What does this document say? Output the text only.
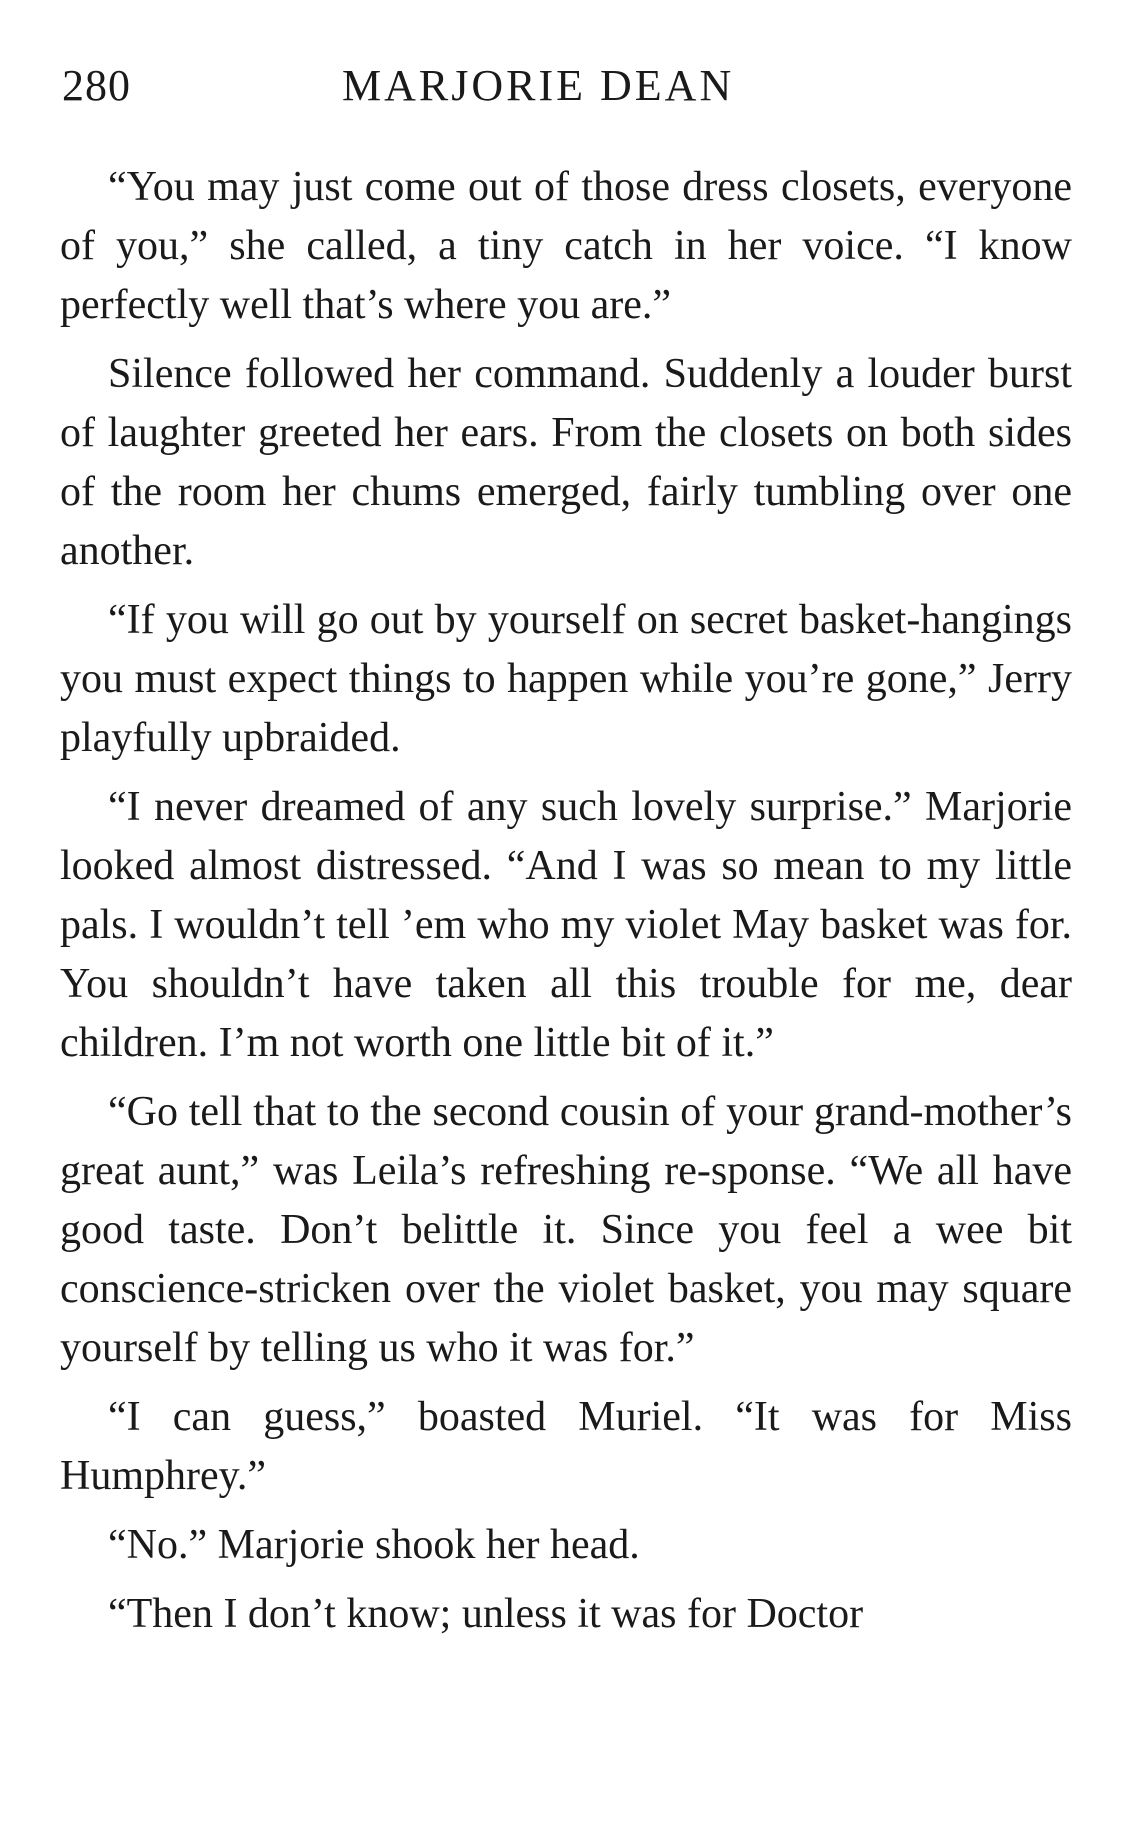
280	MARJORIE DEAN

“You may just come out of those dress closets, everyone of you,” she called, a tiny catch in her voice. “I know perfectly well that’s where you are.”

Silence followed her command. Suddenly a louder burst of laughter greeted her ears. From the closets on both sides of the room her chums emerged, fairly tumbling over one another.

“If you will go out by yourself on secret basket-hangings you must expect things to happen while you’re gone,” Jerry playfully upbraided.

“I never dreamed of any such lovely surprise.” Marjorie looked almost distressed. “And I was so mean to my little pals. I wouldn’t tell ’em who my violet May basket was for. You shouldn’t have taken all this trouble for me, dear children. I’m not worth one little bit of it.”

“Go tell that to the second cousin of your grand-mother’s great aunt,” was Leila’s refreshing re-sponse. “We all have good taste. Don’t belittle it. Since you feel a wee bit conscience-stricken over the violet basket, you may square yourself by telling us who it was for.”

“I can guess,” boasted Muriel. “It was for Miss Humphrey.”

“No.” Marjorie shook her head.

“Then I don’t know; unless it was for Doctor
